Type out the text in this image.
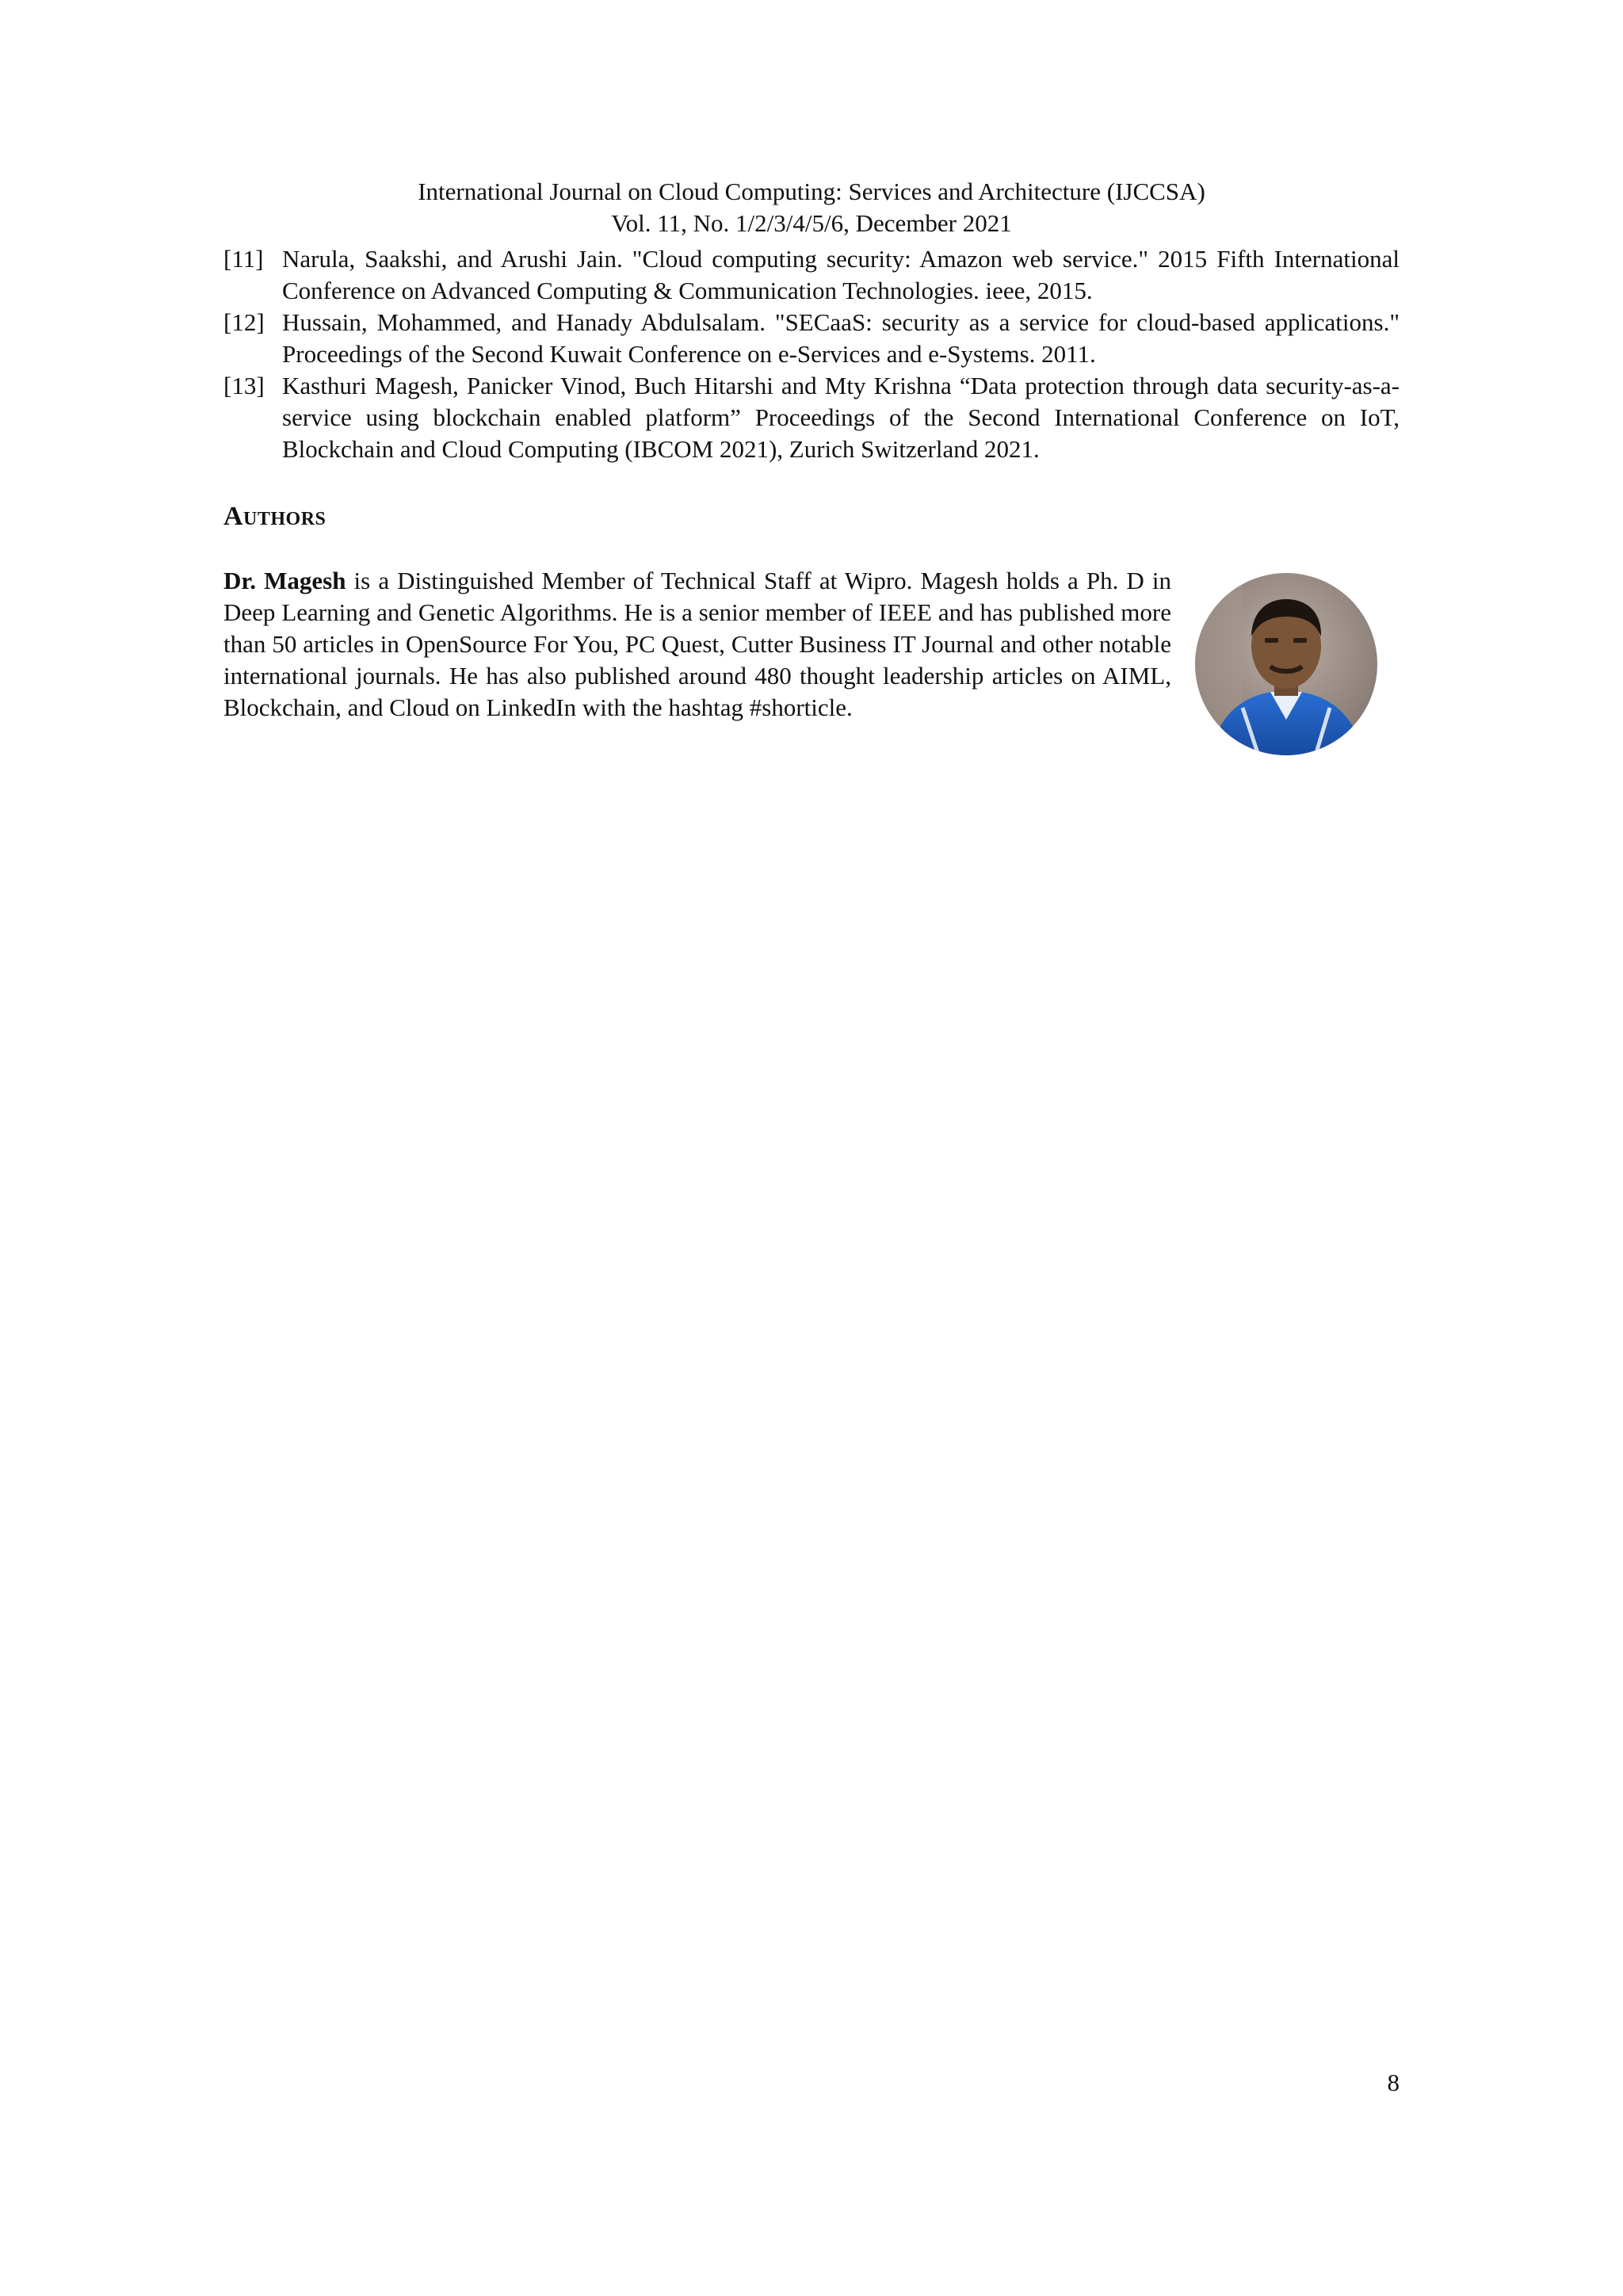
International Journal on Cloud Computing: Services and Architecture (IJCCSA)
Vol. 11, No. 1/2/3/4/5/6, December 2021
[11] Narula, Saakshi, and Arushi Jain. "Cloud computing security: Amazon web service." 2015 Fifth International Conference on Advanced Computing & Communication Technologies. ieee, 2015.
[12] Hussain, Mohammed, and Hanady Abdulsalam. "SECaaS: security as a service for cloud-based applications." Proceedings of the Second Kuwait Conference on e-Services and e-Systems. 2011.
[13] Kasthuri Magesh, Panicker Vinod, Buch Hitarshi and Mty Krishna “Data protection through data security-as-a-service using blockchain enabled platform” Proceedings of the Second International Conference on IoT, Blockchain and Cloud Computing (IBCOM 2021), Zurich Switzerland 2021.
Authors
Dr. Magesh is a Distinguished Member of Technical Staff at Wipro. Magesh holds a Ph. D in Deep Learning and Genetic Algorithms. He is a senior member of IEEE and has published more than 50 articles in OpenSource For You, PC Quest, Cutter Business IT Journal and other notable international journals. He has also published around 480 thought leadership articles on AIML, Blockchain, and Cloud on LinkedIn with the hashtag #shorticle.
8
